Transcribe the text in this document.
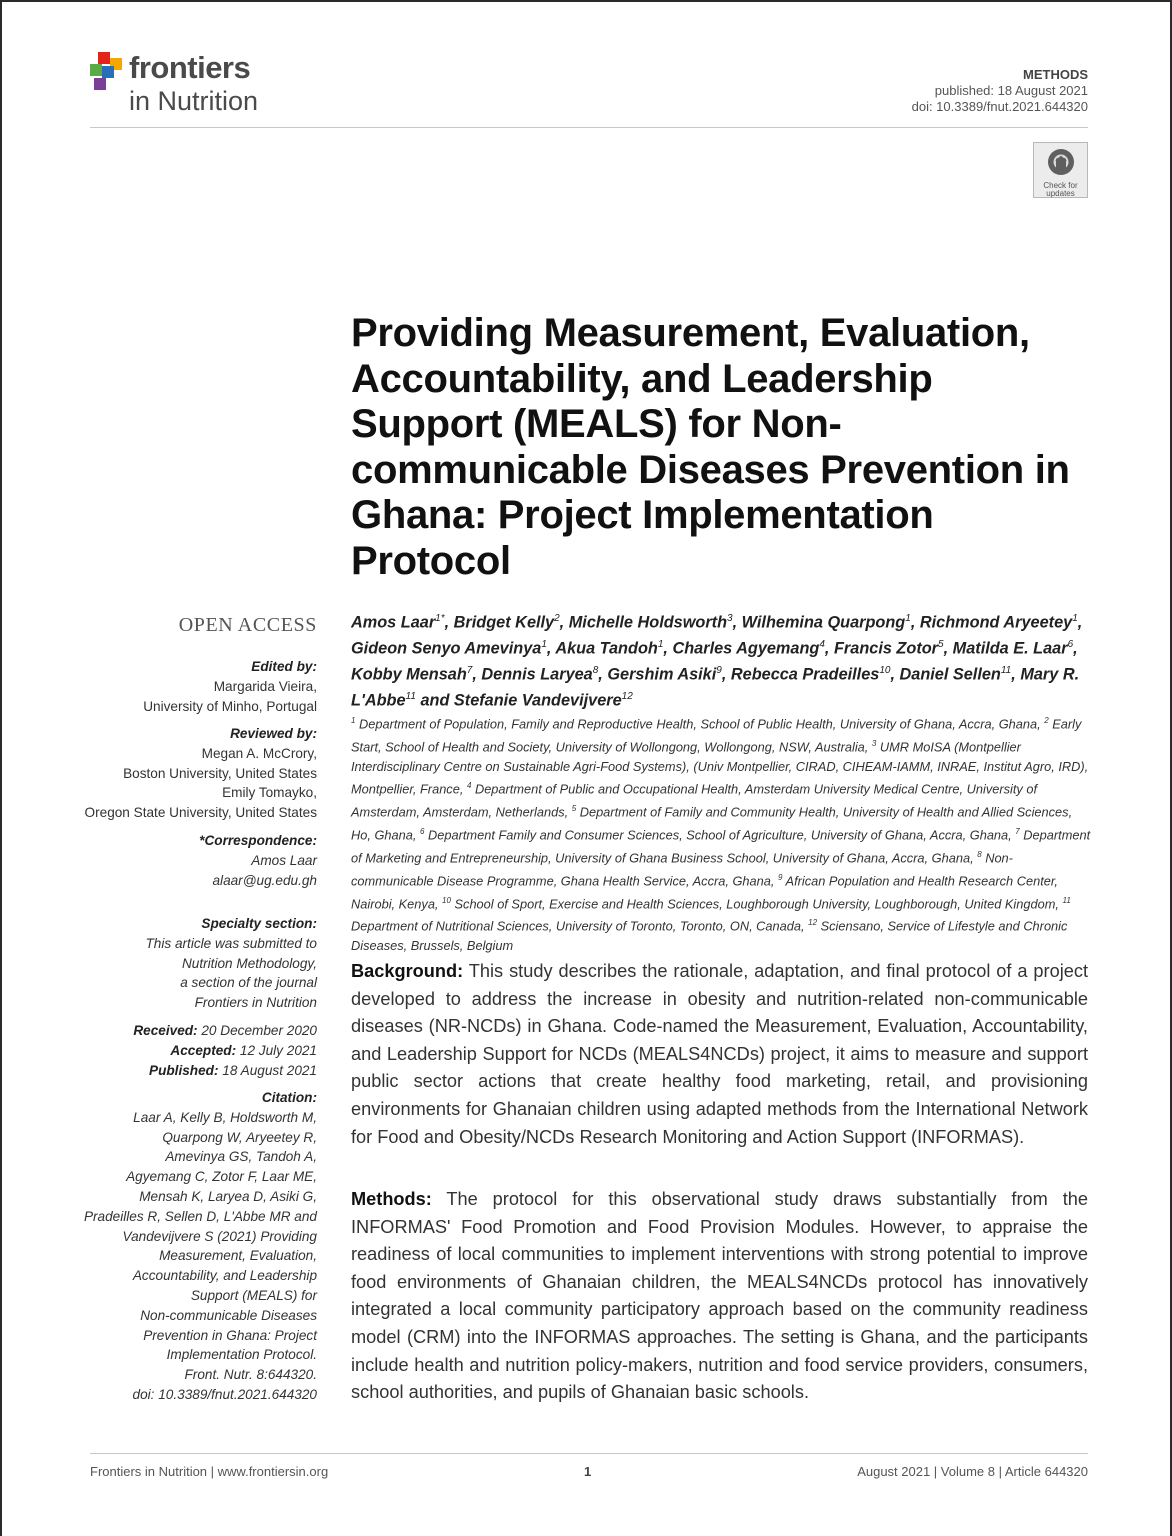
frontiers
in Nutrition
METHODS
published: 18 August 2021
doi: 10.3389/fnut.2021.644320
Check for
updates
Providing Measurement, Evaluation, Accountability, and Leadership Support (MEALS) for Non-communicable Diseases Prevention in Ghana: Project Implementation Protocol
OPEN ACCESS
Edited by:
Margarida Vieira,
University of Minho, Portugal
Reviewed by:
Megan A. McCrory,
Boston University, United States
Emily Tomayko,
Oregon State University, United States
*Correspondence:
Amos Laar
alaar@ug.edu.gh
Specialty section:
This article was submitted to
Nutrition Methodology,
a section of the journal
Frontiers in Nutrition
Received: 20 December 2020
Accepted: 12 July 2021
Published: 18 August 2021
Citation:
Laar A, Kelly B, Holdsworth M,
Quarpong W, Aryeetey R,
Amevinya GS, Tandoh A,
Agyemang C, Zotor F, Laar ME,
Mensah K, Laryea D, Asiki G,
Pradeilles R, Sellen D, L'Abbe MR and
Vandevijvere S (2021) Providing
Measurement, Evaluation,
Accountability, and Leadership
Support (MEALS) for
Non-communicable Diseases
Prevention in Ghana: Project
Implementation Protocol.
Front. Nutr. 8:644320.
doi: 10.3389/fnut.2021.644320
Amos Laar$^{1*}$, Bridget Kelly$^2$, Michelle Holdsworth$^3$, Wilhemina Quarpong$^1$, Richmond Aryeetey$^1$, Gideon Senyo Amevinya$^1$, Akua Tandoh$^1$, Charles Agyemang$^4$, Francis Zotor$^5$, Matilda E. Laar$^6$, Kobby Mensah$^7$, Dennis Laryea$^8$, Gershim Asiki$^9$, Rebecca Pradeilles$^{10}$, Daniel Sellen$^{11}$, Mary R. L'Abbe$^{11}$ and Stefanie Vandevijvere$^{12}$
$^1$ Department of Population, Family and Reproductive Health, School of Public Health, University of Ghana, Accra, Ghana, $^2$ Early Start, School of Health and Society, University of Wollongong, Wollongong, NSW, Australia, $^3$ UMR MoISA (Montpellier Interdisciplinary Centre on Sustainable Agri-Food Systems), (Univ Montpellier, CIRAD, CIHEAM-IAMM, INRAE, Institut Agro, IRD), Montpellier, France, $^4$ Department of Public and Occupational Health, Amsterdam University Medical Centre, University of Amsterdam, Amsterdam, Netherlands, $^5$ Department of Family and Community Health, University of Health and Allied Sciences, Ho, Ghana, $^6$ Department Family and Consumer Sciences, School of Agriculture, University of Ghana, Accra, Ghana, $^7$ Department of Marketing and Entrepreneurship, University of Ghana Business School, University of Ghana, Accra, Ghana, $^8$ Non-communicable Disease Programme, Ghana Health Service, Accra, Ghana, $^9$ African Population and Health Research Center, Nairobi, Kenya, $^{10}$ School of Sport, Exercise and Health Sciences, Loughborough University, Loughborough, United Kingdom, $^{11}$ Department of Nutritional Sciences, University of Toronto, Toronto, ON, Canada, $^{12}$ Sciensano, Service of Lifestyle and Chronic Diseases, Brussels, Belgium
Background: This study describes the rationale, adaptation, and final protocol of a project developed to address the increase in obesity and nutrition-related non-communicable diseases (NR-NCDs) in Ghana. Code-named the Measurement, Evaluation, Accountability, and Leadership Support for NCDs (MEALS4NCDs) project, it aims to measure and support public sector actions that create healthy food marketing, retail, and provisioning environments for Ghanaian children using adapted methods from the International Network for Food and Obesity/NCDs Research Monitoring and Action Support (INFORMAS).
Methods: The protocol for this observational study draws substantially from the INFORMAS' Food Promotion and Food Provision Modules. However, to appraise the readiness of local communities to implement interventions with strong potential to improve food environments of Ghanaian children, the MEALS4NCDs protocol has innovatively integrated a local community participatory approach based on the community readiness model (CRM) into the INFORMAS approaches. The setting is Ghana, and the participants include health and nutrition policy-makers, nutrition and food service providers, consumers, school authorities, and pupils of Ghanaian basic schools.
Frontiers in Nutrition | www.frontiersin.org	1	August 2021 | Volume 8 | Article 644320
